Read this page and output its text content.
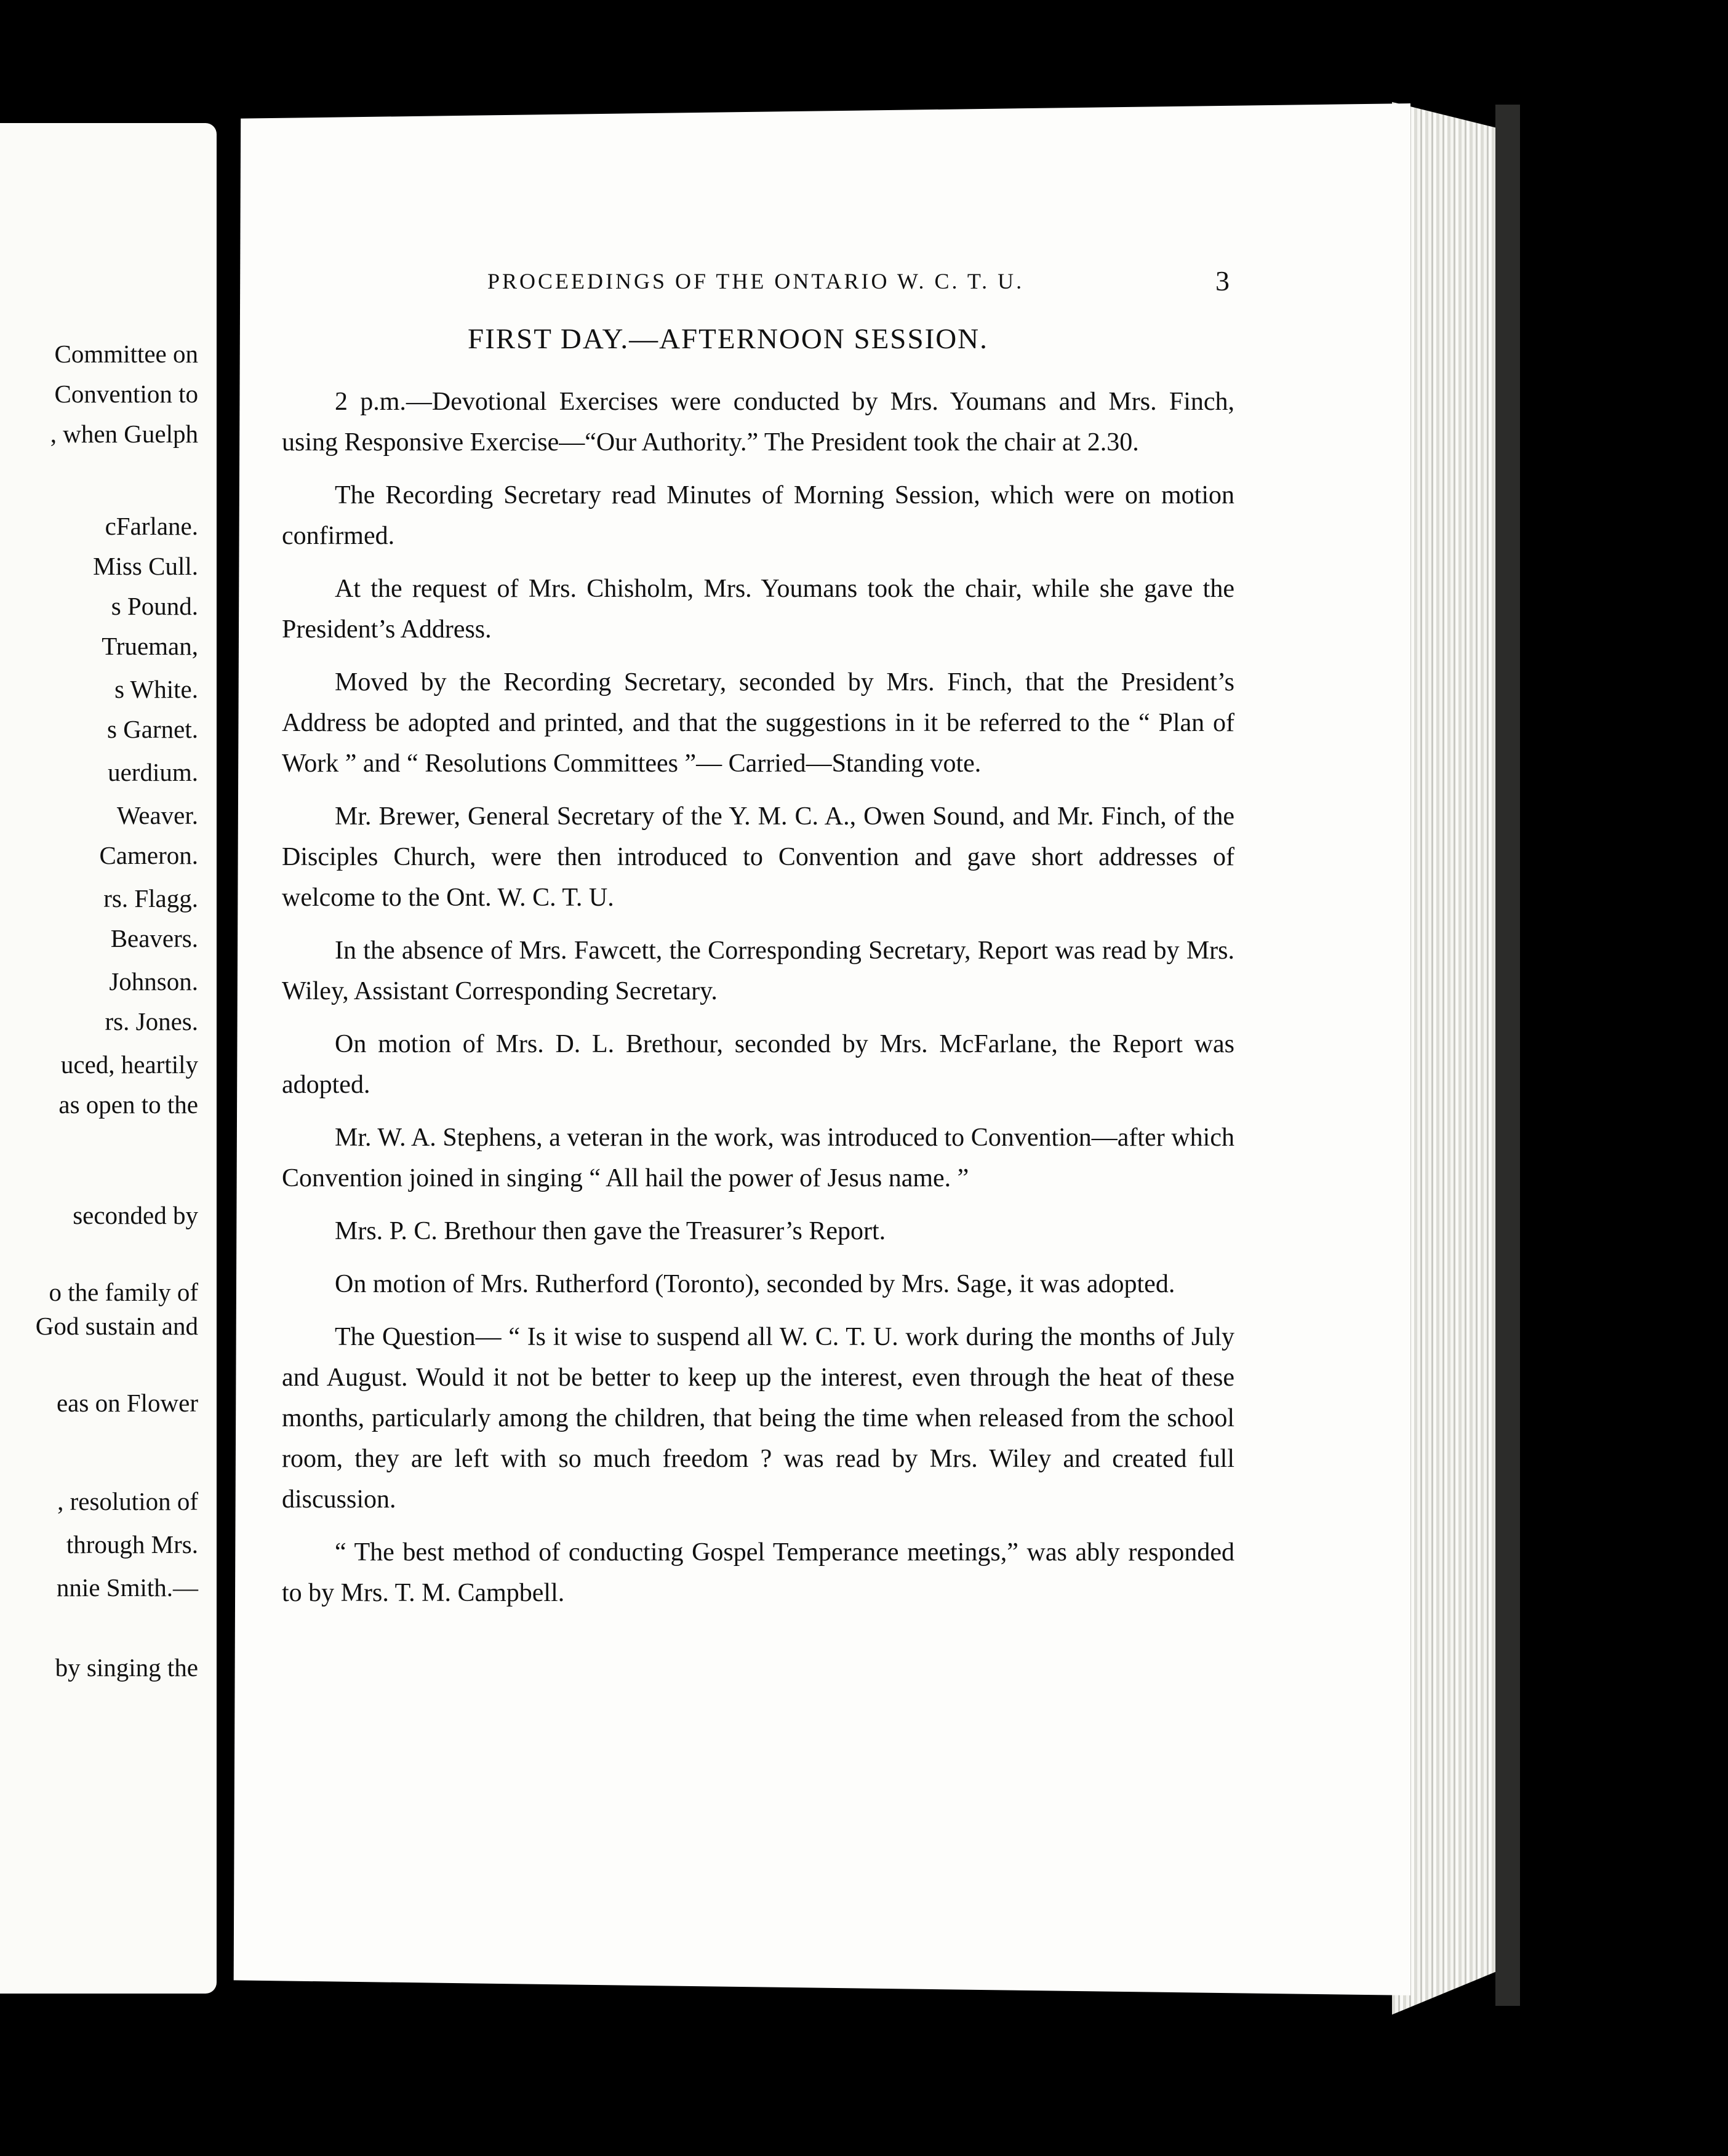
Committee on
Convention to
, when Guelph
cFarlane.
Miss Cull.
s Pound.
Trueman,
s White.
s Garnet.
uerdium.
Weaver.
Cameron.
rs. Flagg.
Beavers.
Johnson.
rs. Jones.
uced, heartily
as open to the
seconded by
o the family of
God sustain and
eas on Flower
, resolution of
through Mrs.
nnie Smith.—
by singing the
PROCEEDINGS OF THE ONTARIO W. C. T. U.	3
FIRST DAY.—AFTERNOON SESSION.

2 p.m.—Devotional Exercises were conducted by Mrs. Youmans and Mrs. Finch, using Responsive Exercise—“Our Authority.” The President took the chair at 2.30.

The Recording Secretary read Minutes of Morning Session, which were on motion confirmed.

At the request of Mrs. Chisholm, Mrs. Youmans took the chair, while she gave the President’s Address.

Moved by the Recording Secretary, seconded by Mrs. Finch, that the President’s Address be adopted and printed, and that the suggestions in it be referred to the “ Plan of Work ” and “ Resolutions Committees ”— Carried—Standing vote.

Mr. Brewer, General Secretary of the Y. M. C. A., Owen Sound, and Mr. Finch, of the Disciples Church, were then introduced to Convention and gave short addresses of welcome to the Ont. W. C. T. U.

In the absence of Mrs. Fawcett, the Corresponding Secretary, Report was read by Mrs. Wiley, Assistant Corresponding Secretary.

On motion of Mrs. D. L. Brethour, seconded by Mrs. McFarlane, the Report was adopted.

Mr. W. A. Stephens, a veteran in the work, was introduced to Convention—after which Convention joined in singing “ All hail the power of Jesus name. ”

Mrs. P. C. Brethour then gave the Treasurer’s Report.

On motion of Mrs. Rutherford (Toronto), seconded by Mrs. Sage, it was adopted.

The Question— “ Is it wise to suspend all W. C. T. U. work during the months of July and August. Would it not be better to keep up the interest, even through the heat of these months, particularly among the children, that being the time when released from the school room, they are left with so much freedom ? was read by Mrs. Wiley and created full discussion.

“ The best method of conducting Gospel Temperance meetings,” was ably responded to by Mrs. T. M. Campbell.
